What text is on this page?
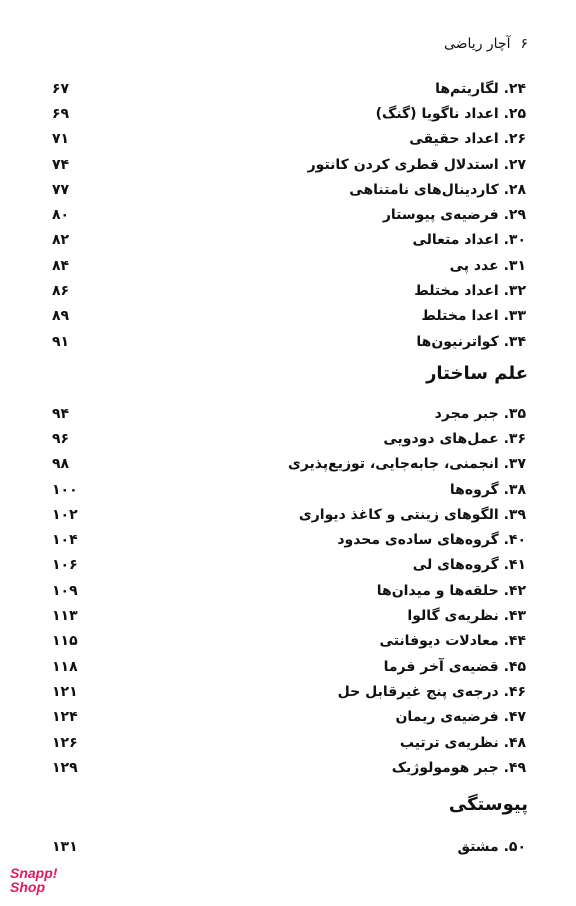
۶آچار ریاضی
۲۴. لگاریتم‌ها
۶۷
۲۵. اعداد ناگویا (گنگ)
۶۹
۲۶. اعداد حقیقی
۷۱
۲۷. استدلال قطری کردن کانتور
۷۴
۲۸. کاردینال‌های نامتناهی
۷۷
۲۹. فرضیه‌ی پیوستار
۸۰
۳۰. اعداد متعالی
۸۲
۳۱. عدد پی
۸۴
۳۲. اعداد مختلط
۸۶
۳۳. اعدا مختلط
۸۹
۳۴. کواترنیون‌ها
۹۱
علم ساختار
۳۵. جبر مجرد
۹۴
۳۶. عمل‌های دودویی
۹۶
۳۷. انجمنی، جابه‌جایی، توزیع‌پذیری
۹۸
۳۸. گروه‌ها
۱۰۰
۳۹. الگوهای زینتی و کاغذ دیواری
۱۰۲
۴۰. گروه‌های ساده‌ی محدود
۱۰۴
۴۱. گروه‌های لی
۱۰۶
۴۲. حلقه‌ها و میدان‌ها
۱۰۹
۴۳. نظریه‌ی گالوا
۱۱۳
۴۴. معادلات دیوفانتی
۱۱۵
۴۵. قضیه‌ی آخر فرما
۱۱۸
۴۶. درجه‌ی پنج غیرقابل حل
۱۲۱
۴۷. فرضیه‌ی ریمان
۱۲۴
۴۸. نظریه‌ی ترتیب
۱۲۶
۴۹. جبر هومولوژیک
۱۲۹
پیوستگی
۵۰. مشتق
۱۳۱
Snapp!
Shop
